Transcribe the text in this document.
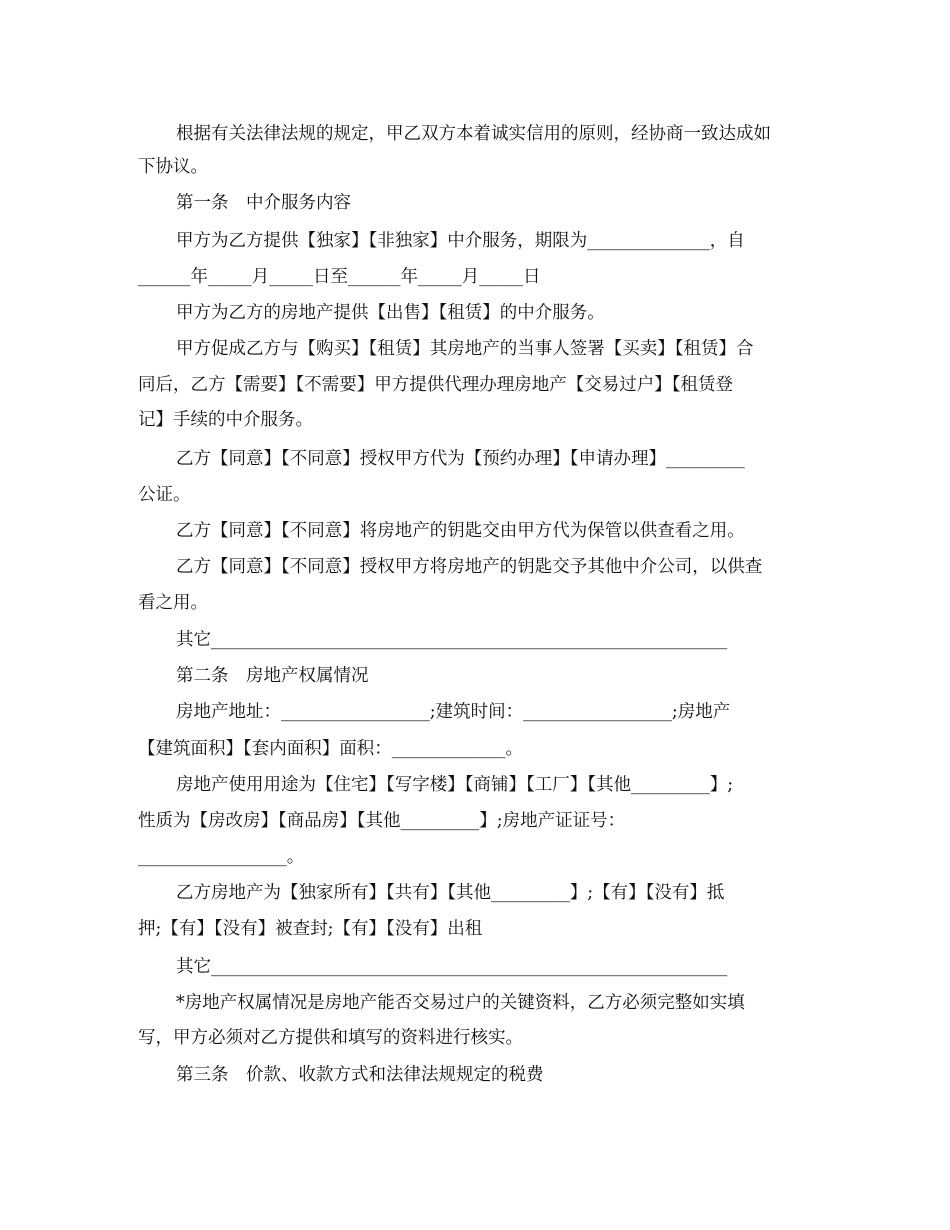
根据有关法律法规的规定，甲乙双方本着诚实信用的原则，经协商一致达成如
下协议。
第一条　中介服务内容
甲方为乙方提供【独家】【非独家】中介服务，期限为______________，自
______年_____月_____日至______年_____月_____日
甲方为乙方的房地产提供【出售】【租赁】的中介服务。
甲方促成乙方与【购买】【租赁】其房地产的当事人签署【买卖】【租赁】合
同后，乙方【需要】【不需要】甲方提供代理办理房地产【交易过户】【租赁登
记】手续的中介服务。
乙方【同意】【不同意】授权甲方代为【预约办理】【申请办理】_________
公证。
乙方【同意】【不同意】将房地产的钥匙交由甲方代为保管以供查看之用。
乙方【同意】【不同意】授权甲方将房地产的钥匙交予其他中介公司，以供查
看之用。
其它___________________________________________________________
第二条　房地产权属情况
房地产地址：_________________;建筑时间：_________________;房地产
【建筑面积】【套内面积】面积：_____________。
房地产使用用途为【住宅】【写字楼】【商铺】【工厂】【其他_________】;
性质为【房改房】【商品房】【其他_________】;房地产证证号：
_________________。
乙方房地产为【独家所有】【共有】【其他_________】;【有】【没有】抵
押;【有】【没有】被查封;【有】【没有】出租
其它___________________________________________________________
*房地产权属情况是房地产能否交易过户的关键资料，乙方必须完整如实填
写，甲方必须对乙方提供和填写的资料进行核实。
第三条　价款、收款方式和法律法规规定的税费
